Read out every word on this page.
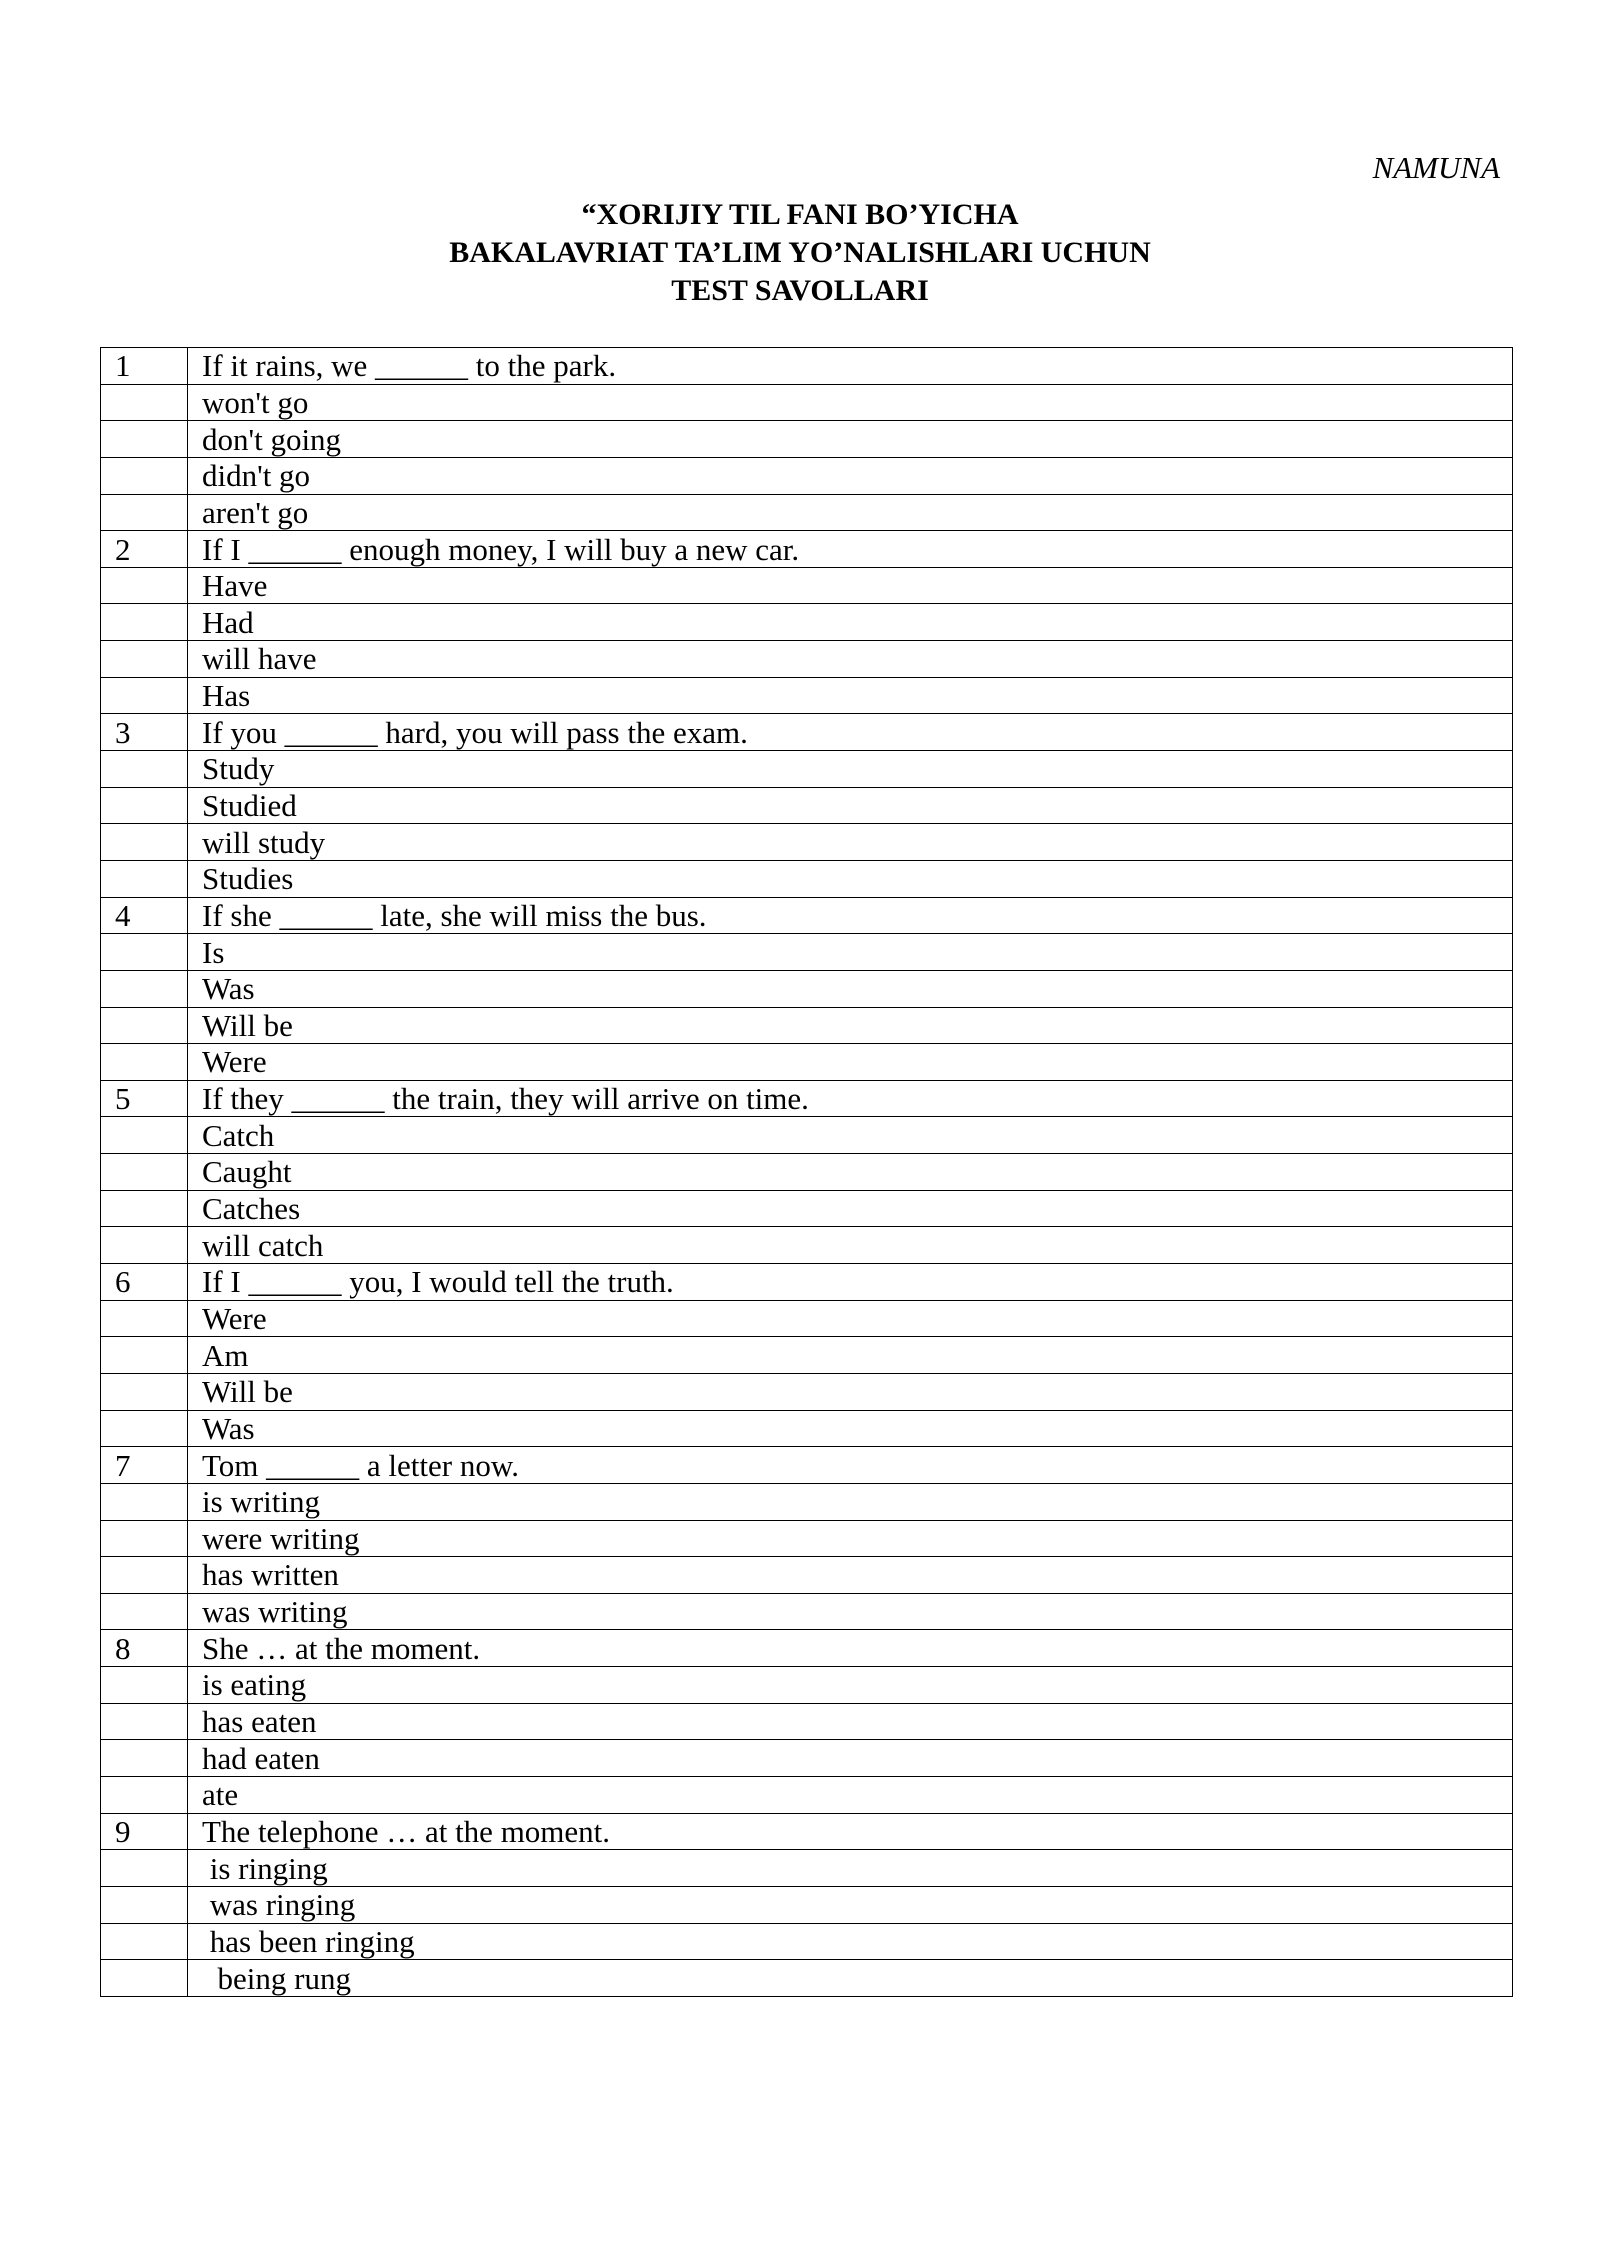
NAMUNA
“XORIJIY TIL FANI BO’YICHA
BAKALAVRIAT TA’LIM YO’NALISHLARI UCHUN
TEST SAVOLLARI
1	If it rains, we ______ to the park.
	won't go
	don't going
	didn't go
	aren't go
2	If I ______ enough money, I will buy a new car.
	Have
	Had
	will have
	Has
3	If you ______ hard, you will pass the exam.
	Study
	Studied
	will study
	Studies
4	If she ______ late, she will miss the bus.
	Is
	Was
	Will be
	Were
5	If they ______ the train, they will arrive on time.
	Catch
	Caught
	Catches
	will catch
6	If I ______ you, I would tell the truth.
	Were
	Am
	Will be
	Was
7	Tom ______ a letter now.
	is writing
	were writing
	has written
	was writing
8	She … at the moment.
	is eating
	has eaten
	had eaten
	ate
9	The telephone … at the moment.
	is ringing
	was ringing
	has been ringing
	being rung
